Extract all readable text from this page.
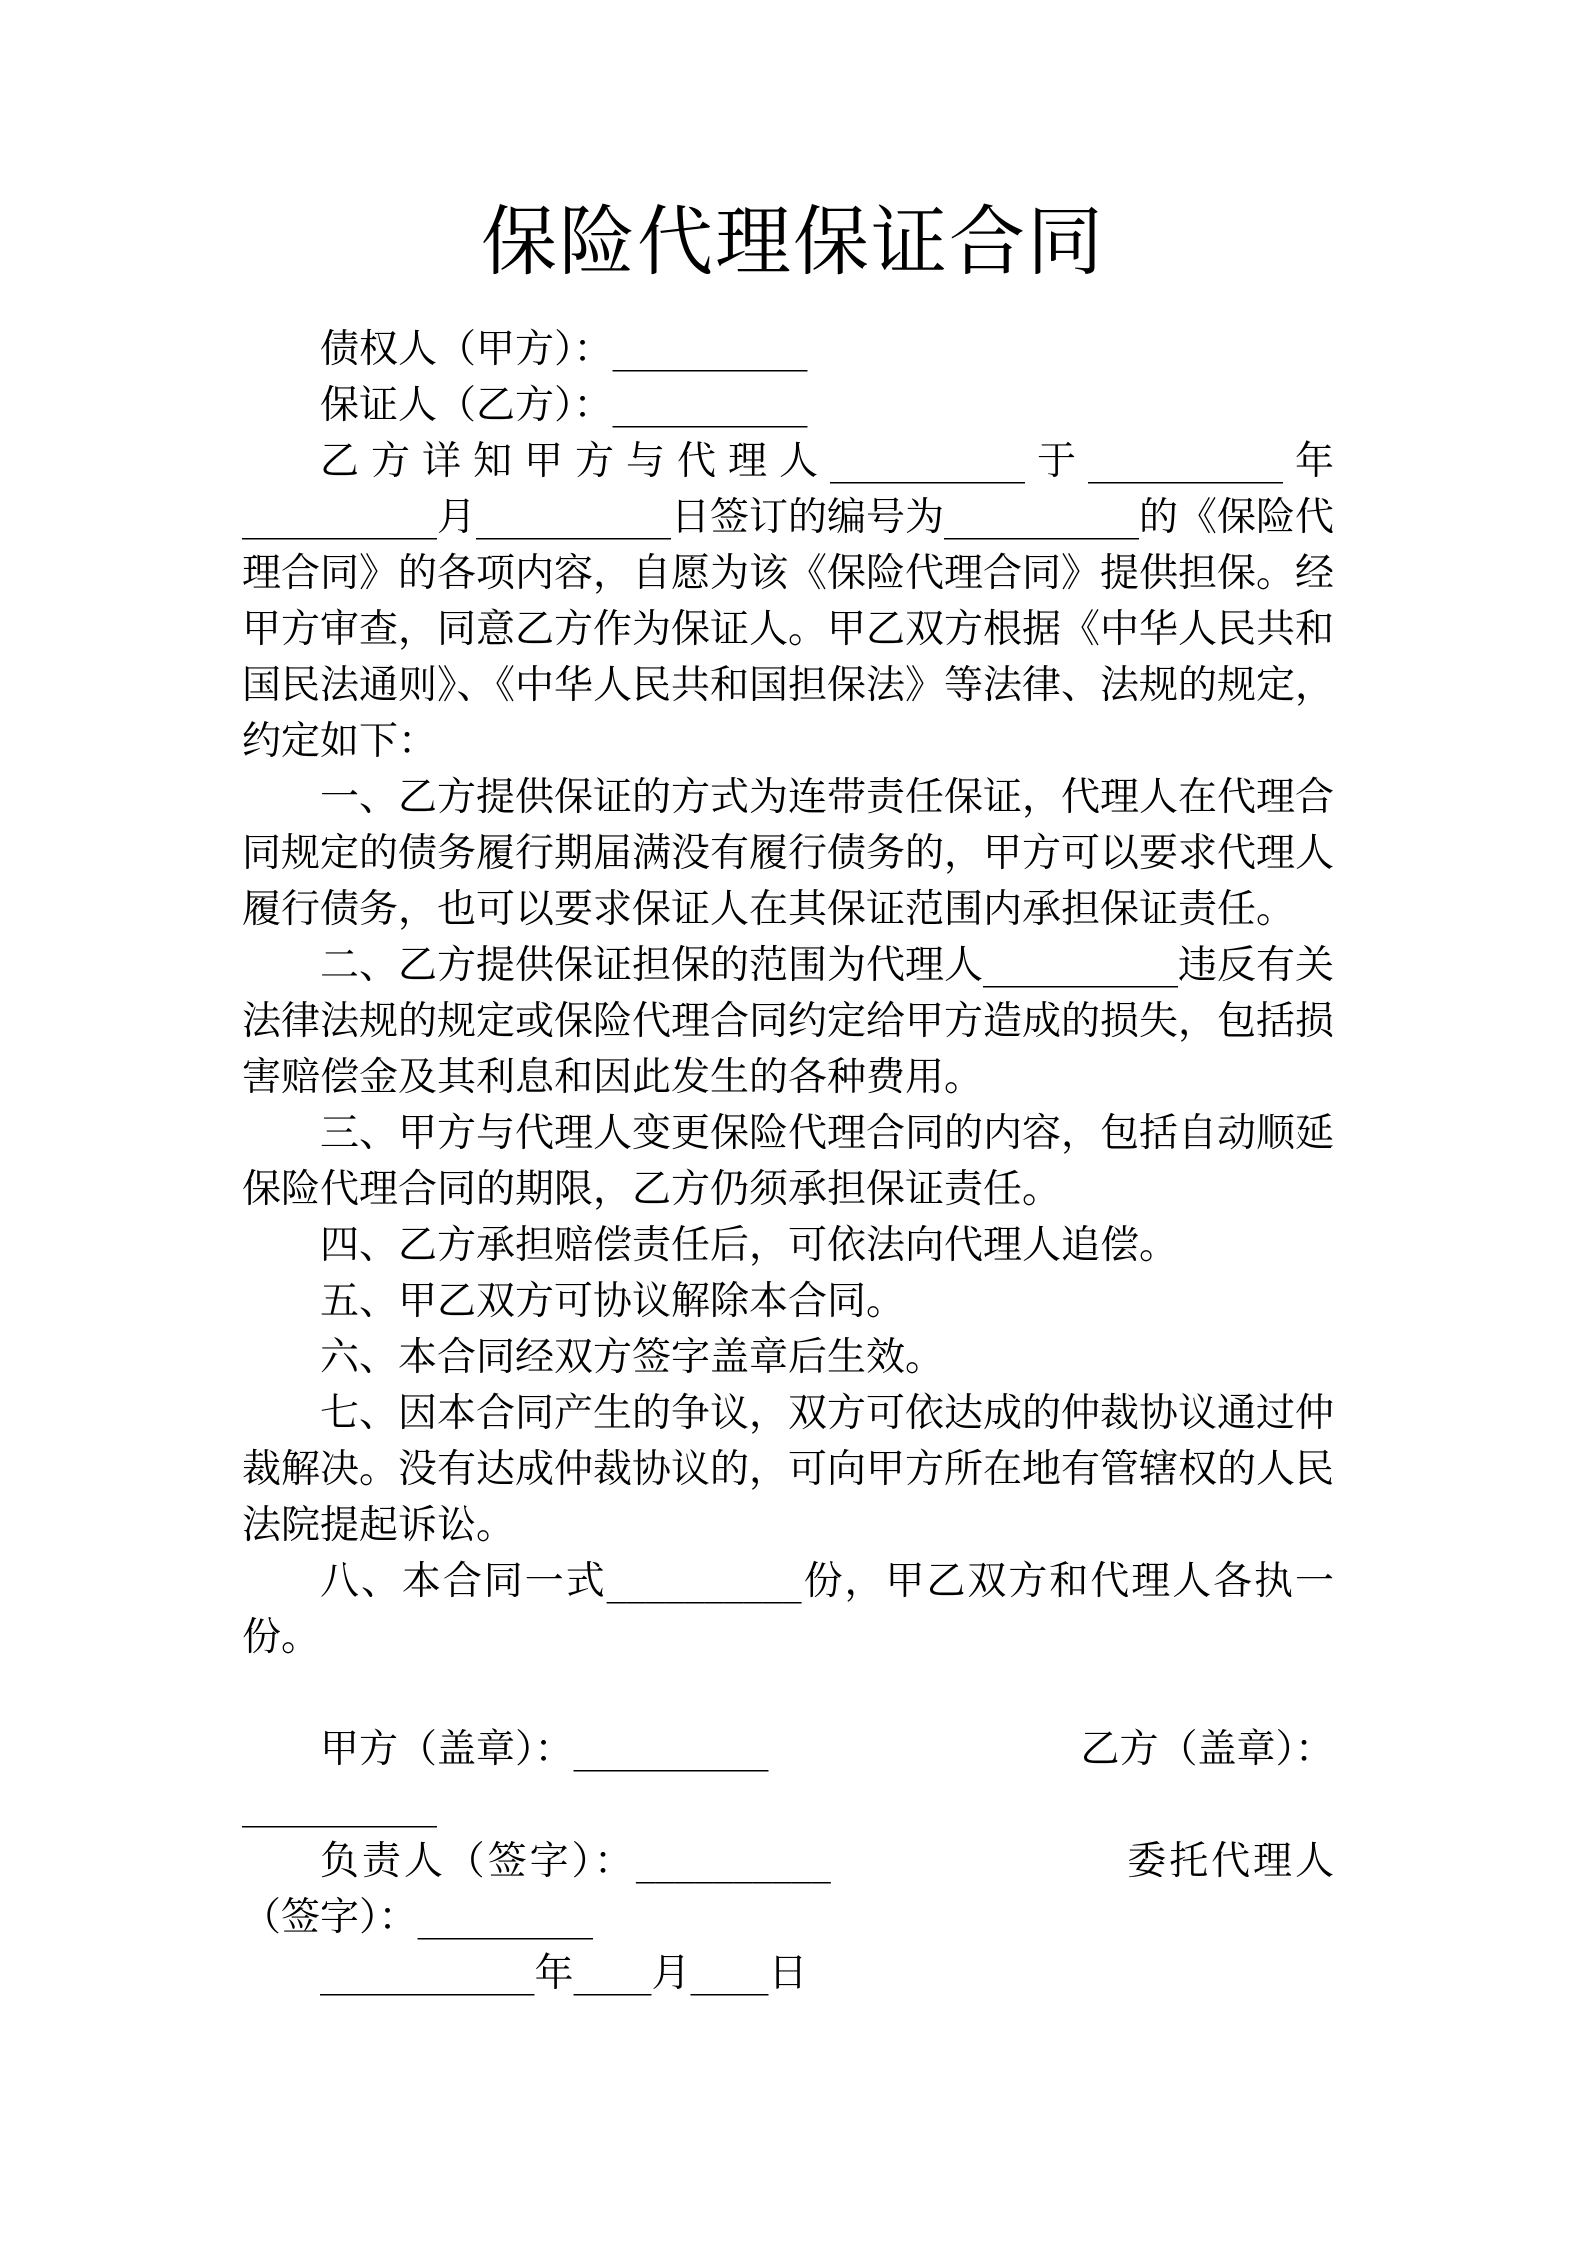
保险代理保证合同

债权人（甲方）：__________

保证人（乙方）：__________

乙方详知甲方与代理人__________于__________年__________月__________日签订的编号为__________的《保险代理合同》的各项内容，自愿为该《保险代理合同》提供担保。经甲方审查，同意乙方作为保证人。甲乙双方根据《中华人民共和国民法通则》、《中华人民共和国担保法》等法律、法规的规定，约定如下：

一、乙方提供保证的方式为连带责任保证，代理人在代理合同规定的债务履行期届满没有履行债务的，甲方可以要求代理人履行债务，也可以要求保证人在其保证范围内承担保证责任。

二、乙方提供保证担保的范围为代理人__________违反有关法律法规的规定或保险代理合同约定给甲方造成的损失，包括损害赔偿金及其利息和因此发生的各种费用。

三、甲方与代理人变更保险代理合同的内容，包括自动顺延保险代理合同的期限，乙方仍须承担保证责任。

四、乙方承担赔偿责任后，可依法向代理人追偿。

五、甲乙双方可协议解除本合同。

六、本合同经双方签字盖章后生效。

七、因本合同产生的争议，双方可依达成的仲裁协议通过仲裁解决。没有达成仲裁协议的，可向甲方所在地有管辖权的人民法院提起诉讼。

八、本合同一式__________份，甲乙双方和代理人各执一份。

甲方（盖章）：__________　　　　　　　　乙方（盖章）：__________

负责人（签字）：__________　　　　　　　委托代理人（签字）：_________

___________年____月____日
